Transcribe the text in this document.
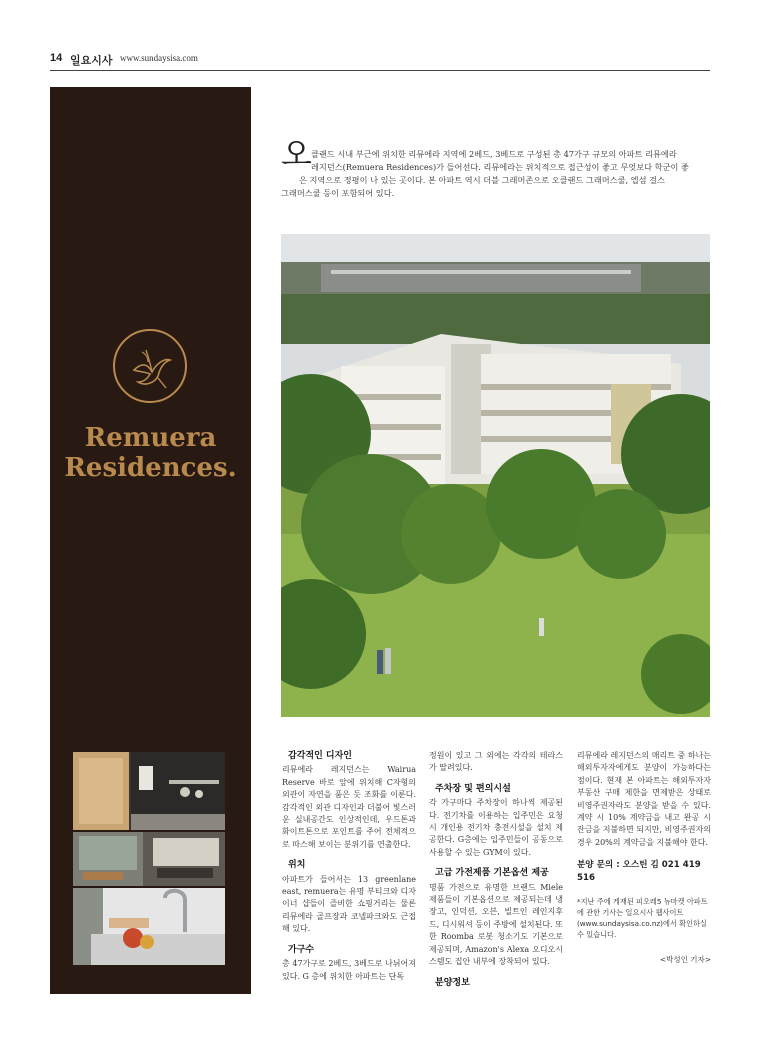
14 일요시사 www.sundaysisa.com
Remuera
Residences.
오 클랜드 시내 부근에 위치한 리뮤에라 지역에 2베드, 3베드로 구성된 총 47가구 규모의 아파트 리뮤에라

레지던스(Remuera Residences)가 들어선다. 리뮤에라는 위치적으로 접근성이 좋고 무엇보다 학군이 좋

은 지역으로 정평이 나 있는 곳이다. 본 아파트 역시 더블 그래머존으로 오클랜드 그래머스쿨, 엡섬 걸스

그래머스쿨 등이 포함되어 있다.

감각적인 디자인

리뮤에라 레지던스는 Wairua Reserve 바로 앞에 위치해 C자형의 외관이 자연을 품은 듯 조화를 이룬다. 감각적인 외관 디자인과 더불어 빛스러운 실내공간도 인상적인데, 우드톤과 화이트톤으로 포인트를 주어 전체적으로 따스해 보이는 분위기를 연출한다.

위치

아파트가 들어서는 13 greenlane east, remuera는 유명 부티크와 디자이너 샵들이 즐비한 쇼핑거리는 물론 리뮤에라 골프장과 코넬파크와도 근접해 있다.

가구수

총 47가구로 2베드, 3베드로 나뉘어져 있다. G 층에 위치한 아파트는 단독

정원이 있고 그 외에는 각각의 테라스가 딸려있다.

주차장 및 편의시설

각 가구마다 주차장이 하나씩 제공된다. 전기차를 이용하는 입주민은 요청 시 개인용 전기차 충전시설을 설치 제공한다. G층에는 입주민들이 공동으로 사용할 수 있는 GYM이 있다.

고급 가전제품 기본옵션 제공

명품 가전으로 유명한 브랜드 Miele 제품들이 기본옵션으로 제공되는데 냉장고, 인덕션, 오븐, 빌트인 레인지후드, 디시워셔 등이 주방에 설치된다. 또한 Roomba 로봇 청소기도 기본으로 제공되며, Amazon's Alexa 오디오시스템도 집안 내부에 장착되어 있다.

분양정보

리뮤에라 레지던스의 매리트 중 하나는 해외투자자에게도 분양이 가능하다는 점이다. 현재 본 아파트는 해외투자자 부동산 구매 제한을 면제받은 상태로 비영주권자라도 분양을 받을 수 있다. 계약 시 10% 계약금을 내고 완공 시 잔금을 지불하면 되지만, 비영주권자의 경우 20%의 계약금을 지불해야 한다.

분양 문의 : 오스틴 김 021 419 516
*지난 주에 게재된 피오레5 뉴마켓 아파트에 관한 기사는 일요시사 웹사이트(www.sundaysisa.co.nz)에서 확인하실 수 있습니다.
<박성인 기자>
